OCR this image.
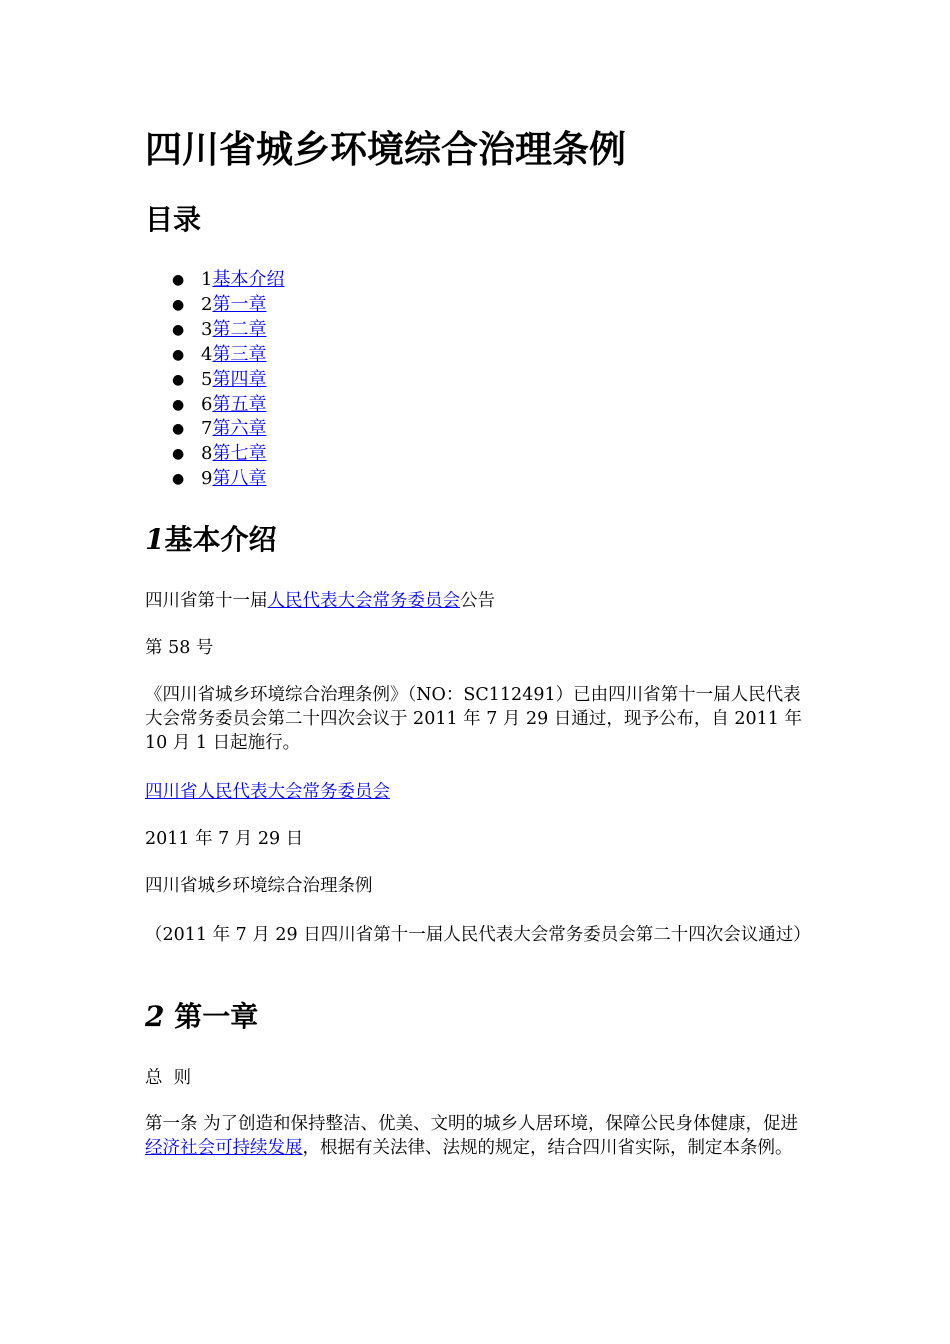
四川省城乡环境综合治理条例
目录
● 1基本介绍
● 2第一章
● 3第二章
● 4第三章
● 5第四章
● 6第五章
● 7第六章
● 8第七章
● 9第八章
1基本介绍

四川省第十一届人民代表大会常务委员会公告

第 58 号

《四川省城乡环境综合治理条例》（NO：SC112491）已由四川省第十一届人民代表大会常务委员会第二十四次会议于 2011 年 7 月 29 日通过，现予公布，自 2011 年 10 月 1 日起施行。

四川省人民代表大会常务委员会

2011 年 7 月 29 日

四川省城乡环境综合治理条例

（2011 年 7 月 29 日四川省第十一届人民代表大会常务委员会第二十四次会议通过）

2 第一章

总  则

第一条 为了创造和保持整洁、优美、文明的城乡人居环境，保障公民身体健康，促进经济社会可持续发展，根据有关法律、法规的规定，结合四川省实际，制定本条例。
